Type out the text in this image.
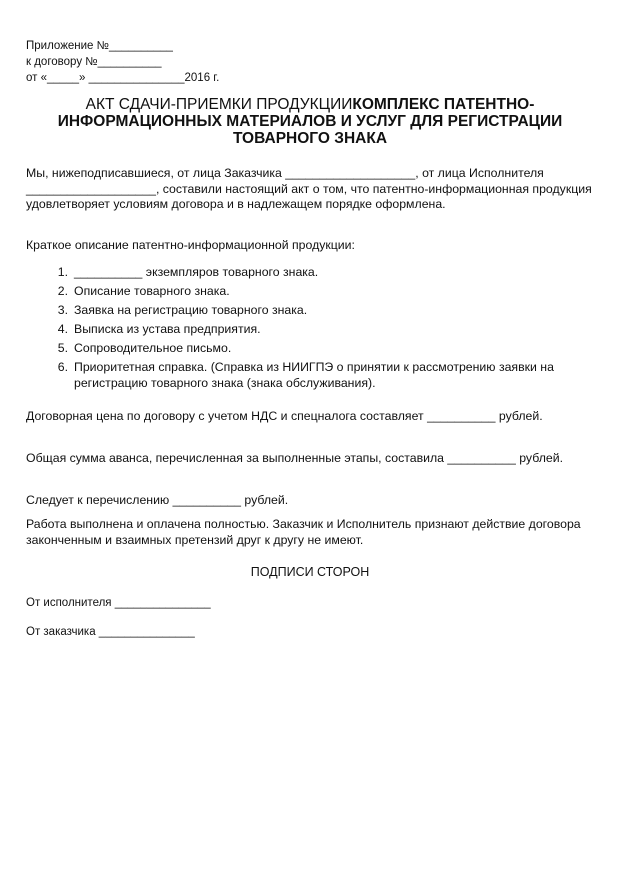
Приложение №__________
к договору №__________
от «_____» _______________2016 г.
АКТ СДАЧИ-ПРИЕМКИ ПРОДУКЦИИКОМПЛЕКС ПАТЕНТНО-ИНФОРМАЦИОННЫХ МАТЕРИАЛОВ И УСЛУГ ДЛЯ РЕГИСТРАЦИИ ТОВАРНОГО ЗНАКА
Мы, нижеподписавшиеся, от лица Заказчика ___________________, от лица Исполнителя ___________________, составили настоящий акт о том, что патентно-информационная продукция удовлетворяет условиям договора и в надлежащем порядке оформлена.
Краткое описание патентно-информационной продукции:
1. __________ экземпляров товарного знака.
2. Описание товарного знака.
3. Заявка на регистрацию товарного знака.
4. Выписка из устава предприятия.
5. Сопроводительное письмо.
6. Приоритетная справка. (Справка из НИИГПЭ о принятии к рассмотрению заявки на регистрацию товарного знака (знака обслуживания).
Договорная цена по договору с учетом НДС и спецналога составляет __________ рублей.
Общая сумма аванса, перечисленная за выполненные этапы, составила __________ рублей.
Следует к перечислению __________ рублей.
Работа выполнена и оплачена полностью. Заказчик и Исполнитель признают действие договора законченным и взаимных претензий друг к другу не имеют.
ПОДПИСИ СТОРОН
От исполнителя _______________
От заказчика _______________
